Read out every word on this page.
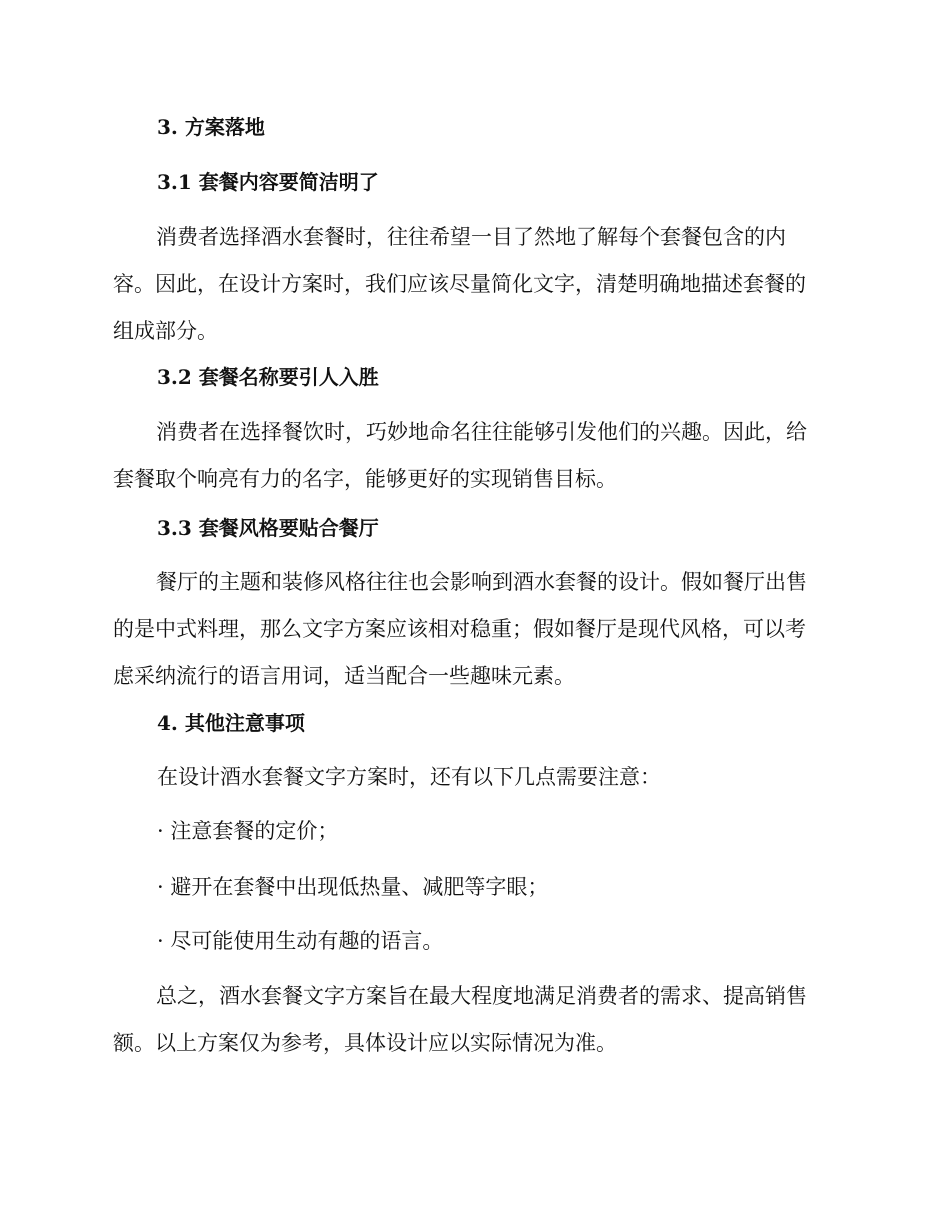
3. 方案落地
3.1 套餐内容要简洁明了

消费者选择酒水套餐时，往往希望一目了然地了解每个套餐包含的内
容。因此，在设计方案时，我们应该尽量简化文字，清楚明确地描述套餐的
组成部分。

3.2 套餐名称要引人入胜

消费者在选择餐饮时，巧妙地命名往往能够引发他们的兴趣。因此，给
套餐取个响亮有力的名字，能够更好的实现销售目标。

3.3 套餐风格要贴合餐厅

餐厅的主题和装修风格往往也会影响到酒水套餐的设计。假如餐厅出售
的是中式料理，那么文字方案应该相对稳重；假如餐厅是现代风格，可以考
虑采纳流行的语言用词，适当配合一些趣味元素。

4. 其他注意事项

在设计酒水套餐文字方案时，还有以下几点需要注意：

· 注意套餐的定价；

· 避开在套餐中出现低热量、减肥等字眼；

· 尽可能使用生动有趣的语言。

总之，酒水套餐文字方案旨在最大程度地满足消费者的需求、提高销售
额。以上方案仅为参考，具体设计应以实际情况为准。
